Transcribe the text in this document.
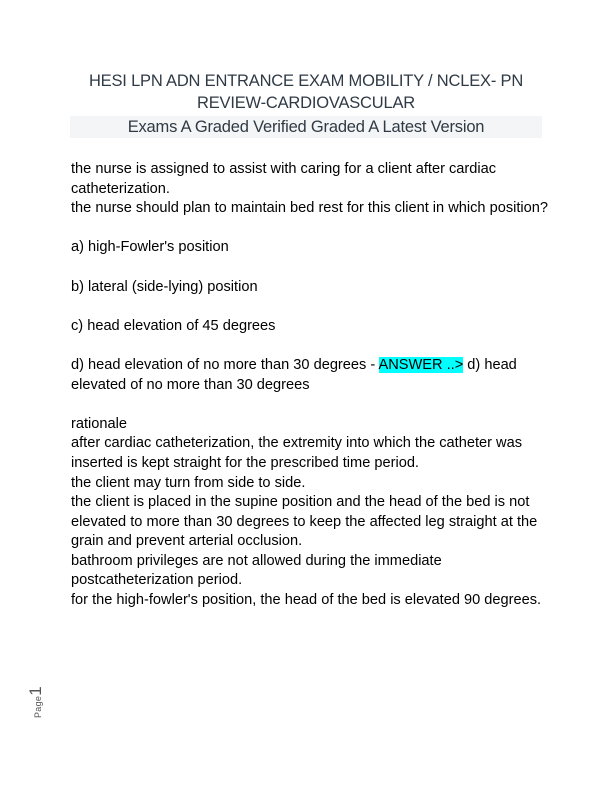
HESI LPN ADN ENTRANCE EXAM MOBILITY / NCLEX- PN REVIEW-CARDIOVASCULAR
Exams A Graded Verified Graded A Latest Version

the nurse is assigned to assist with caring for a client after cardiac catheterization.

the nurse should plan to maintain bed rest for this client in which position?

a) high-Fowler's position

b) lateral (side-lying) position

c) head elevation of 45 degrees

d) head elevation of no more than 30 degrees - ANSWER ..> d) head elevated of no more than 30 degrees

rationale

after cardiac catheterization, the extremity into which the catheter was inserted is kept straight for the prescribed time period.

the client may turn from side to side.

the client is placed in the supine position and the head of the bed is not elevated to more than 30 degrees to keep the affected leg straight at the grain and prevent arterial occlusion.

bathroom privileges are not allowed during the immediate postcatheterization period.

for the high-fowler's position, the head of the bed is elevated 90 degrees.

Page1
